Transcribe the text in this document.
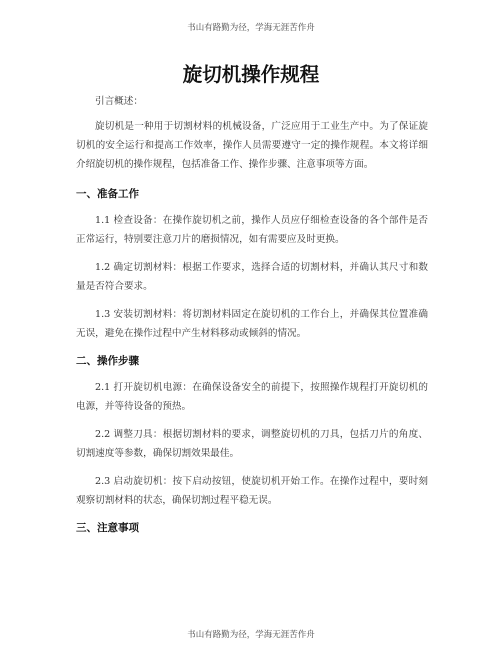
书山有路勤为径，学海无涯苦作舟
旋切机操作规程

引言概述：

旋切机是一种用于切割材料的机械设备，广泛应用于工业生产中。为了保证旋切机的安全运行和提高工作效率，操作人员需要遵守一定的操作规程。本文将详细介绍旋切机的操作规程，包括准备工作、操作步骤、注意事项等方面。

一、准备工作

1.1 检查设备：在操作旋切机之前，操作人员应仔细检查设备的各个部件是否正常运行，特别要注意刀片的磨损情况，如有需要应及时更换。

1.2 确定切割材料：根据工作要求，选择合适的切割材料，并确认其尺寸和数量是否符合要求。

1.3 安装切割材料：将切割材料固定在旋切机的工作台上，并确保其位置准确无误，避免在操作过程中产生材料移动或倾斜的情况。

二、操作步骤

2.1 打开旋切机电源：在确保设备安全的前提下，按照操作规程打开旋切机的电源，并等待设备的预热。

2.2 调整刀具：根据切割材料的要求，调整旋切机的刀具，包括刀片的角度、切割速度等参数，确保切割效果最佳。

2.3 启动旋切机：按下启动按钮，使旋切机开始工作。在操作过程中，要时刻观察切割材料的状态，确保切割过程平稳无误。

三、注意事项
书山有路勤为径，学海无涯苦作舟
